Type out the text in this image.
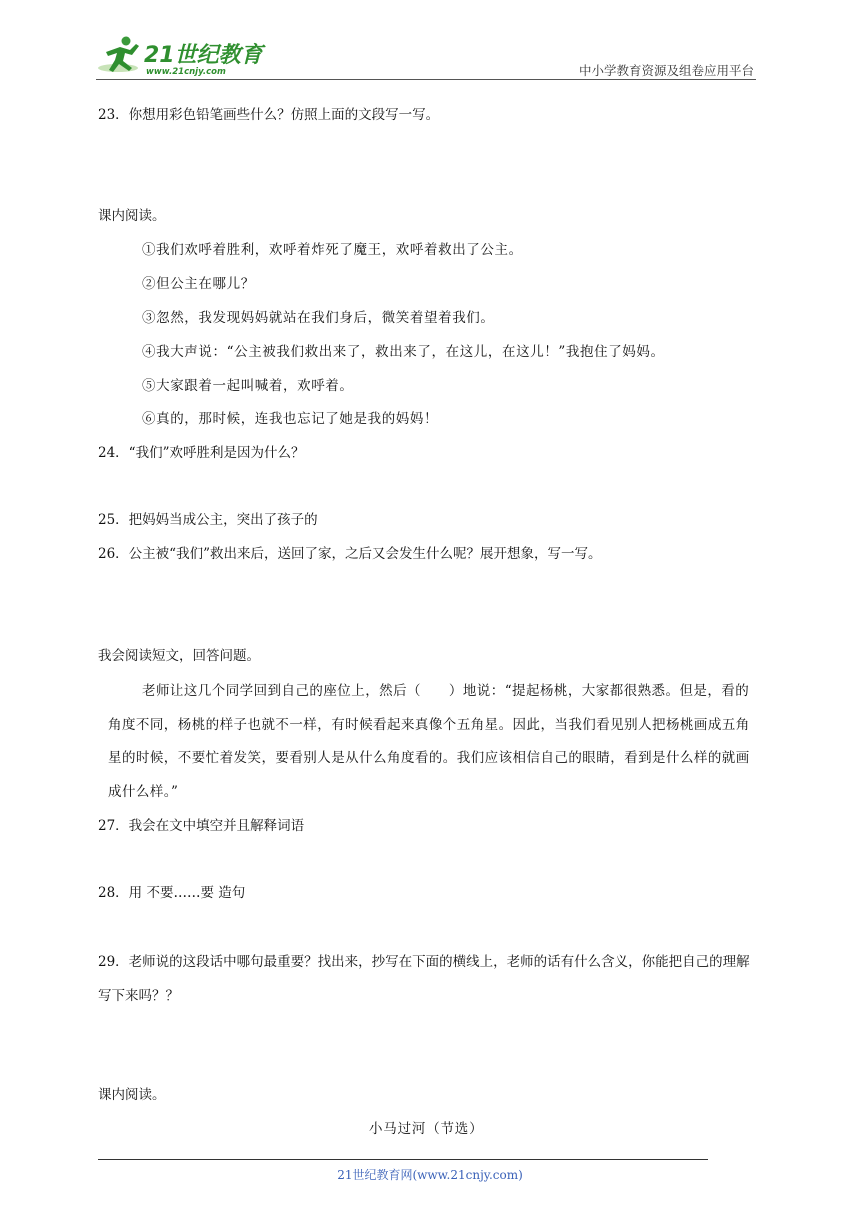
21世纪教育
www.21cnjy.com	中小学教育资源及组卷应用平台
23．你想用彩色铅笔画些什么？仿照上面的文段写一写。
课内阅读。
①我们欢呼着胜利，欢呼着炸死了魔王，欢呼着救出了公主。
②但公主在哪儿？
③忽然，我发现妈妈就站在我们身后，微笑着望着我们。
④我大声说：“公主被我们救出来了，救出来了，在这儿，在这儿！”我抱住了妈妈。
⑤大家跟着一起叫喊着，欢呼着。
⑥真的，那时候，连我也忘记了她是我的妈妈！
24．“我们”欢呼胜利是因为什么？
25．把妈妈当成公主，突出了孩子的
26．公主被“我们”救出来后，送回了家，之后又会发生什么呢？展开想象，写一写。
我会阅读短文，回答问题。
老师让这几个同学回到自己的座位上，然后（　　）地说：“提起杨桃，大家都很熟悉。但是，看的角度不同，杨桃的样子也就不一样，有时候看起来真像个五角星。因此，当我们看见别人把杨桃画成五角星的时候，不要忙着发笑，要看别人是从什么角度看的。我们应该相信自己的眼睛，看到是什么样的就画成什么样。”
27．我会在文中填空并且解释词语
28．用 不要……要 造句
29．老师说的这段话中哪句最重要？找出来，抄写在下面的横线上，老师的话有什么含义，你能把自己的理解写下来吗？？
课内阅读。
小马过河（节选）
21世纪教育网(www.21cnjy.com)
